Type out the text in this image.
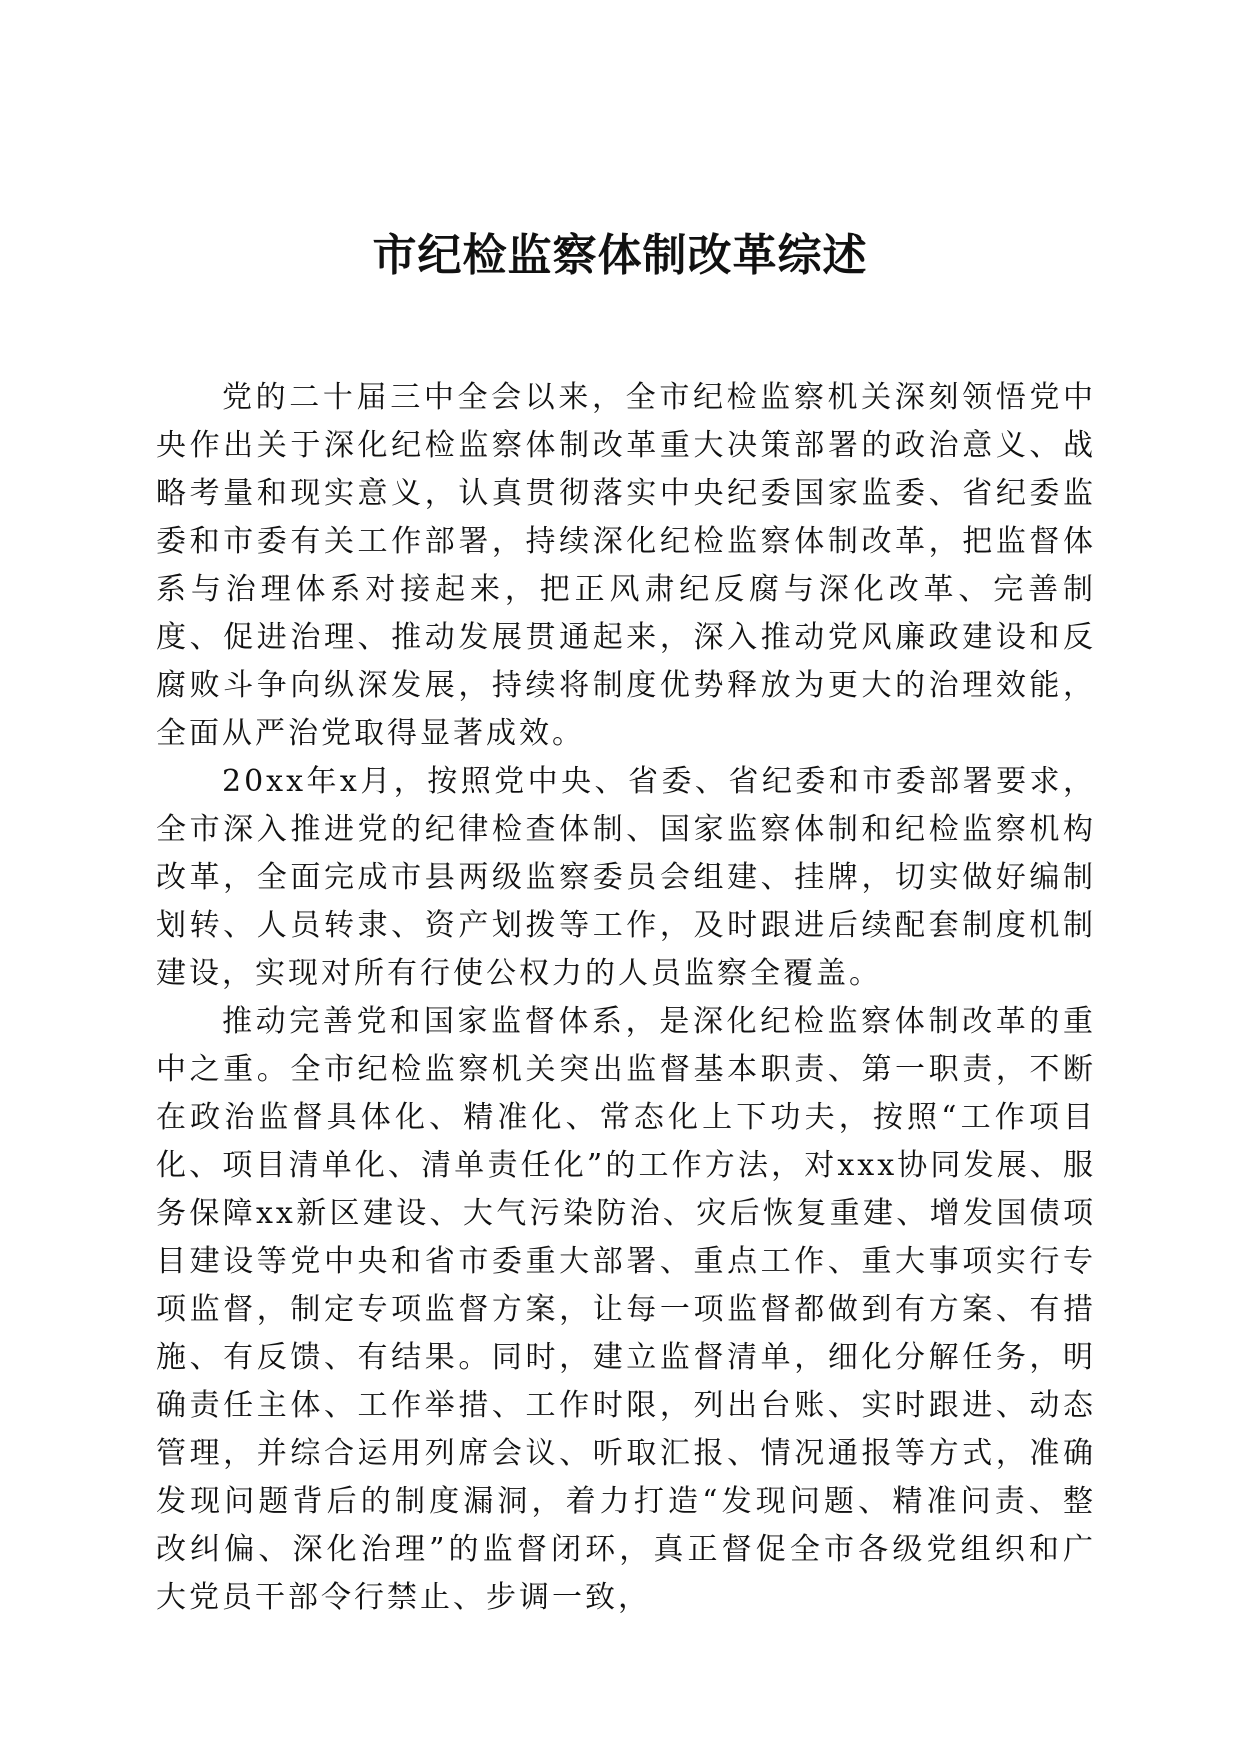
市纪检监察体制改革综述

党的二十届三中全会以来，全市纪检监察机关深刻领悟党中央作出关于深化纪检监察体制改革重大决策部署的政治意义、战略考量和现实意义，认真贯彻落实中央纪委国家监委、省纪委监委和市委有关工作部署，持续深化纪检监察体制改革，把监督体系与治理体系对接起来，把正风肃纪反腐与深化改革、完善制度、促进治理、推动发展贯通起来，深入推动党风廉政建设和反腐败斗争向纵深发展，持续将制度优势释放为更大的治理效能，全面从严治党取得显著成效。

20xx年x月，按照党中央、省委、省纪委和市委部署要求，全市深入推进党的纪律检查体制、国家监察体制和纪检监察机构改革，全面完成市县两级监察委员会组建、挂牌，切实做好编制划转、人员转隶、资产划拨等工作，及时跟进后续配套制度机制建设，实现对所有行使公权力的人员监察全覆盖。

推动完善党和国家监督体系，是深化纪检监察体制改革的重中之重。全市纪检监察机关突出监督基本职责、第一职责，不断在政治监督具体化、精准化、常态化上下功夫，按照“工作项目化、项目清单化、清单责任化”的工作方法，对xxx协同发展、服务保障xx新区建设、大气污染防治、灾后恢复重建、增发国债项目建设等党中央和省市委重大部署、重点工作、重大事项实行专项监督，制定专项监督方案，让每一项监督都做到有方案、有措施、有反馈、有结果。同时，建立监督清单，细化分解任务，明确责任主体、工作举措、工作时限，列出台账、实时跟进、动态管理，并综合运用列席会议、听取汇报、情况通报等方式，准确发现问题背后的制度漏洞，着力打造“发现问题、精准问责、整改纠偏、深化治理”的监督闭环，真正督促全市各级党组织和广大党员干部令行禁止、步调一致，
